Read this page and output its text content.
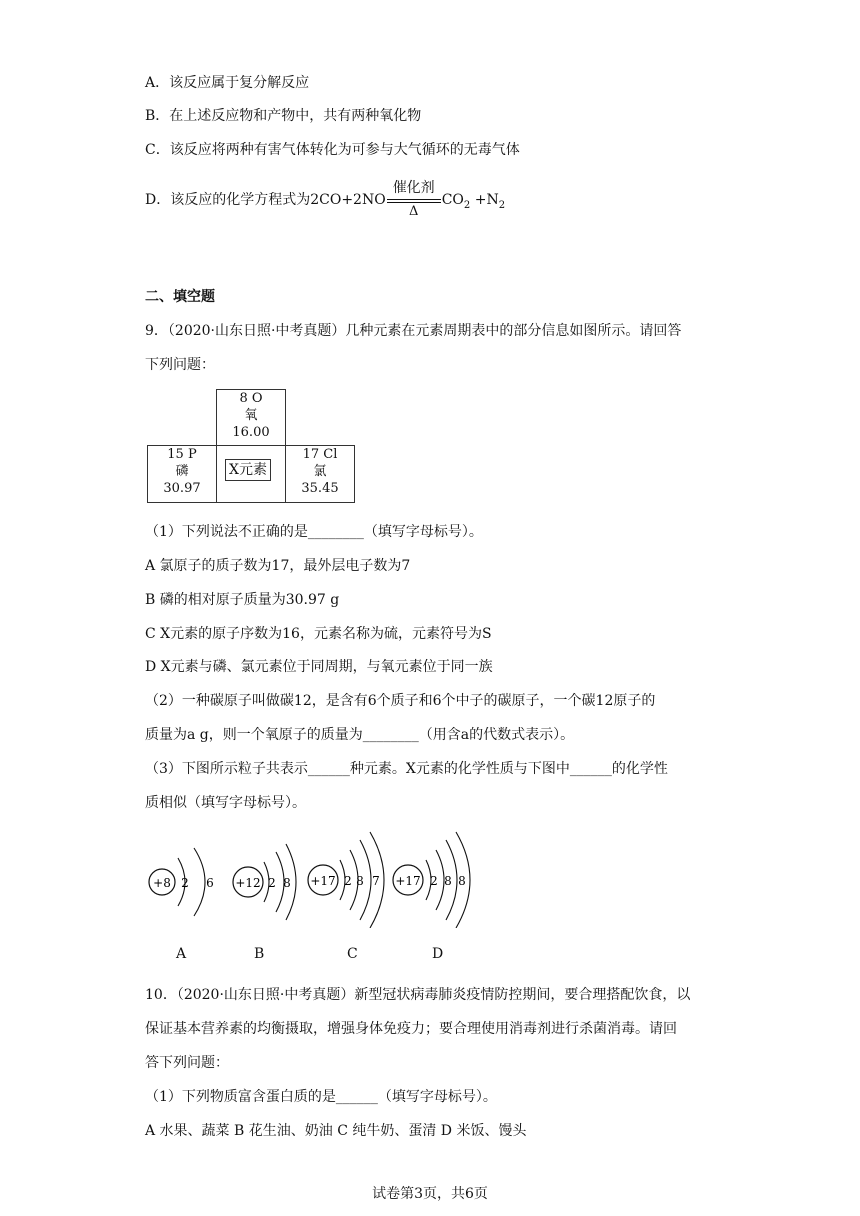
A．该反应属于复分解反应
B．在上述反应物和产物中，共有两种氧化物
C．该反应将两种有害气体转化为可参与大气循环的无毒气体
D．该反应的化学方程式为$2CO+2NO \frac{\text{催化剂}}{\Delta} CO_2 +N_2$
二、填空题
9．（2020·山东日照·中考真题）几种元素在元素周期表中的部分信息如图所示。请回答
下列问题：
8 O
氧
16.00
15 P
磷
30.97
X元素
17 Cl
氯
35.45
（1）下列说法不正确的是________（填写字母标号）。
A 氯原子的质子数为17，最外层电子数为7
B 磷的相对原子质量为30.97 g
C X元素的原子序数为16，元素名称为硫，元素符号为S
D X元素与磷、氯元素位于同周期，与氧元素位于同一族
（2）一种碳原子叫做碳12，是含有6个质子和6个中子的碳原子，一个碳12原子的
质量为a g，则一个氧原子的质量为________（用含a的代数式表示）。
（3）下图所示粒子共表示______种元素。X元素的化学性质与下图中______的化学性
质相似（填写字母标号）。
+8 2 6 +12 2 8 +17 2 8 7 +17 2 8 8
A	B	C	D
10．（2020·山东日照·中考真题）新型冠状病毒肺炎疫情防控期间，要合理搭配饮食，以
保证基本营养素的均衡摄取，增强身体免疫力；要合理使用消毒剂进行杀菌消毒。请回
答下列问题：
（1）下列物质富含蛋白质的是______（填写字母标号）。
A 水果、蔬菜 B 花生油、奶油 C 纯牛奶、蛋清 D 米饭、馒头
试卷第3页，共6页
